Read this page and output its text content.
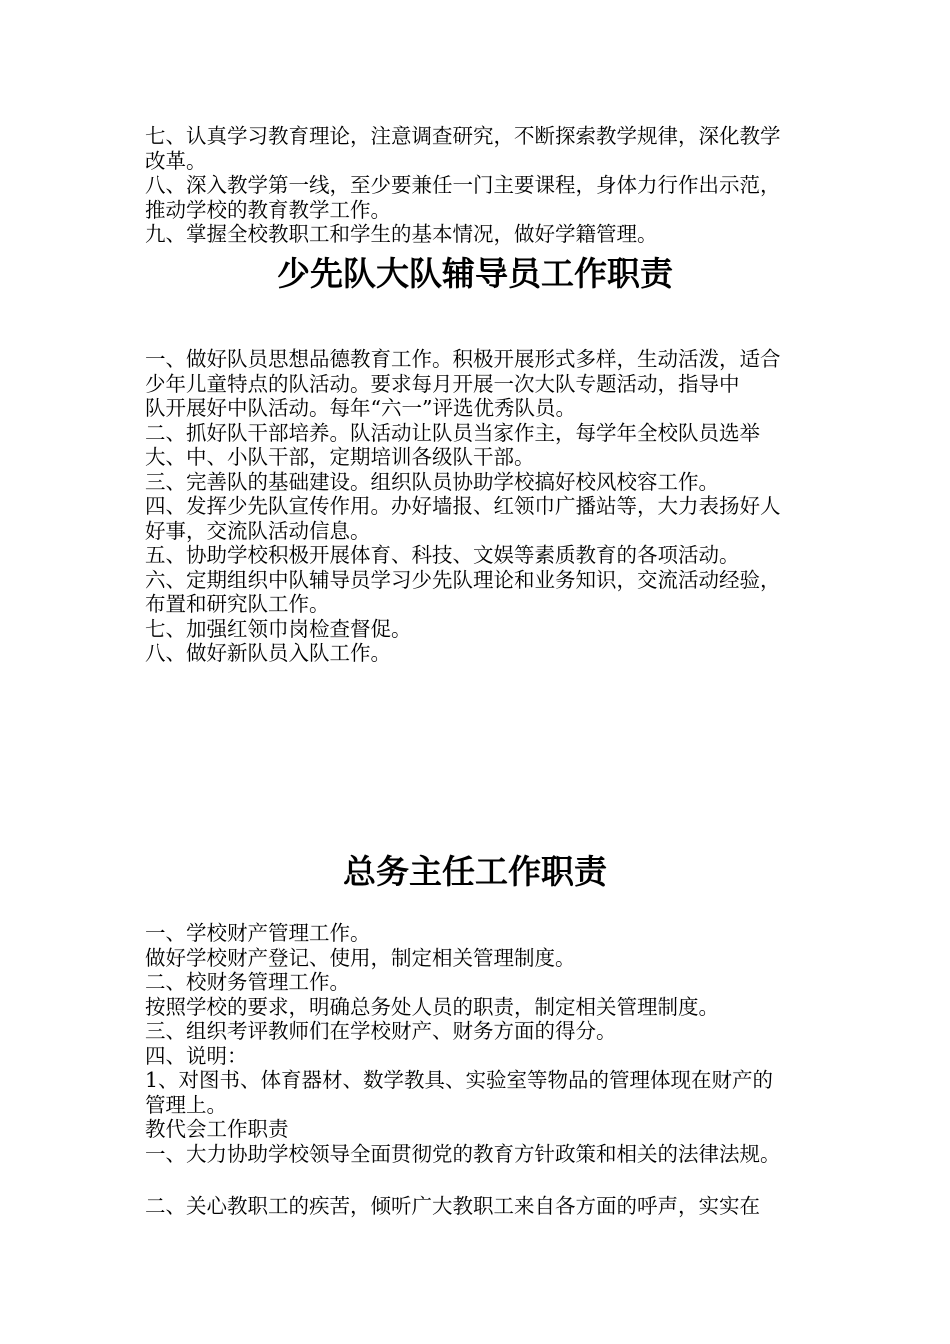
七、认真学习教育理论，注意调查研究，不断探索教学规律，深化教学

改革。

八、深入教学第一线，至少要兼任一门主要课程，身体力行作出示范，

推动学校的教育教学工作。

九、掌握全校教职工和学生的基本情况，做好学籍管理。

少先队大队辅导员工作职责

一、做好队员思想品德教育工作。积极开展形式多样，生动活泼，适合

少年儿童特点的队活动。要求每月开展一次大队专题活动，指导中

队开展好中队活动。每年“六一”评选优秀队员。

二、抓好队干部培养。队活动让队员当家作主，每学年全校队员选举

大、中、小队干部，定期培训各级队干部。

三、完善队的基础建设。组织队员协助学校搞好校风校容工作。

四、发挥少先队宣传作用。办好墙报、红领巾广播站等，大力表扬好人

好事，交流队活动信息。

五、协助学校积极开展体育、科技、文娱等素质教育的各项活动。

六、定期组织中队辅导员学习少先队理论和业务知识，交流活动经验，

布置和研究队工作。

七、加强红领巾岗检查督促。

八、做好新队员入队工作。

总务主任工作职责

一、学校财产管理工作。

做好学校财产登记、使用，制定相关管理制度。

二、校财务管理工作。

按照学校的要求，明确总务处人员的职责，制定相关管理制度。

三、组织考评教师们在学校财产、财务方面的得分。

四、说明：

1、对图书、体育器材、数学教具、实验室等物品的管理体现在财产的

管理上。

教代会工作职责

一、大力协助学校领导全面贯彻党的教育方针政策和相关的法律法规。

二、关心教职工的疾苦，倾听广大教职工来自各方面的呼声，实实在
